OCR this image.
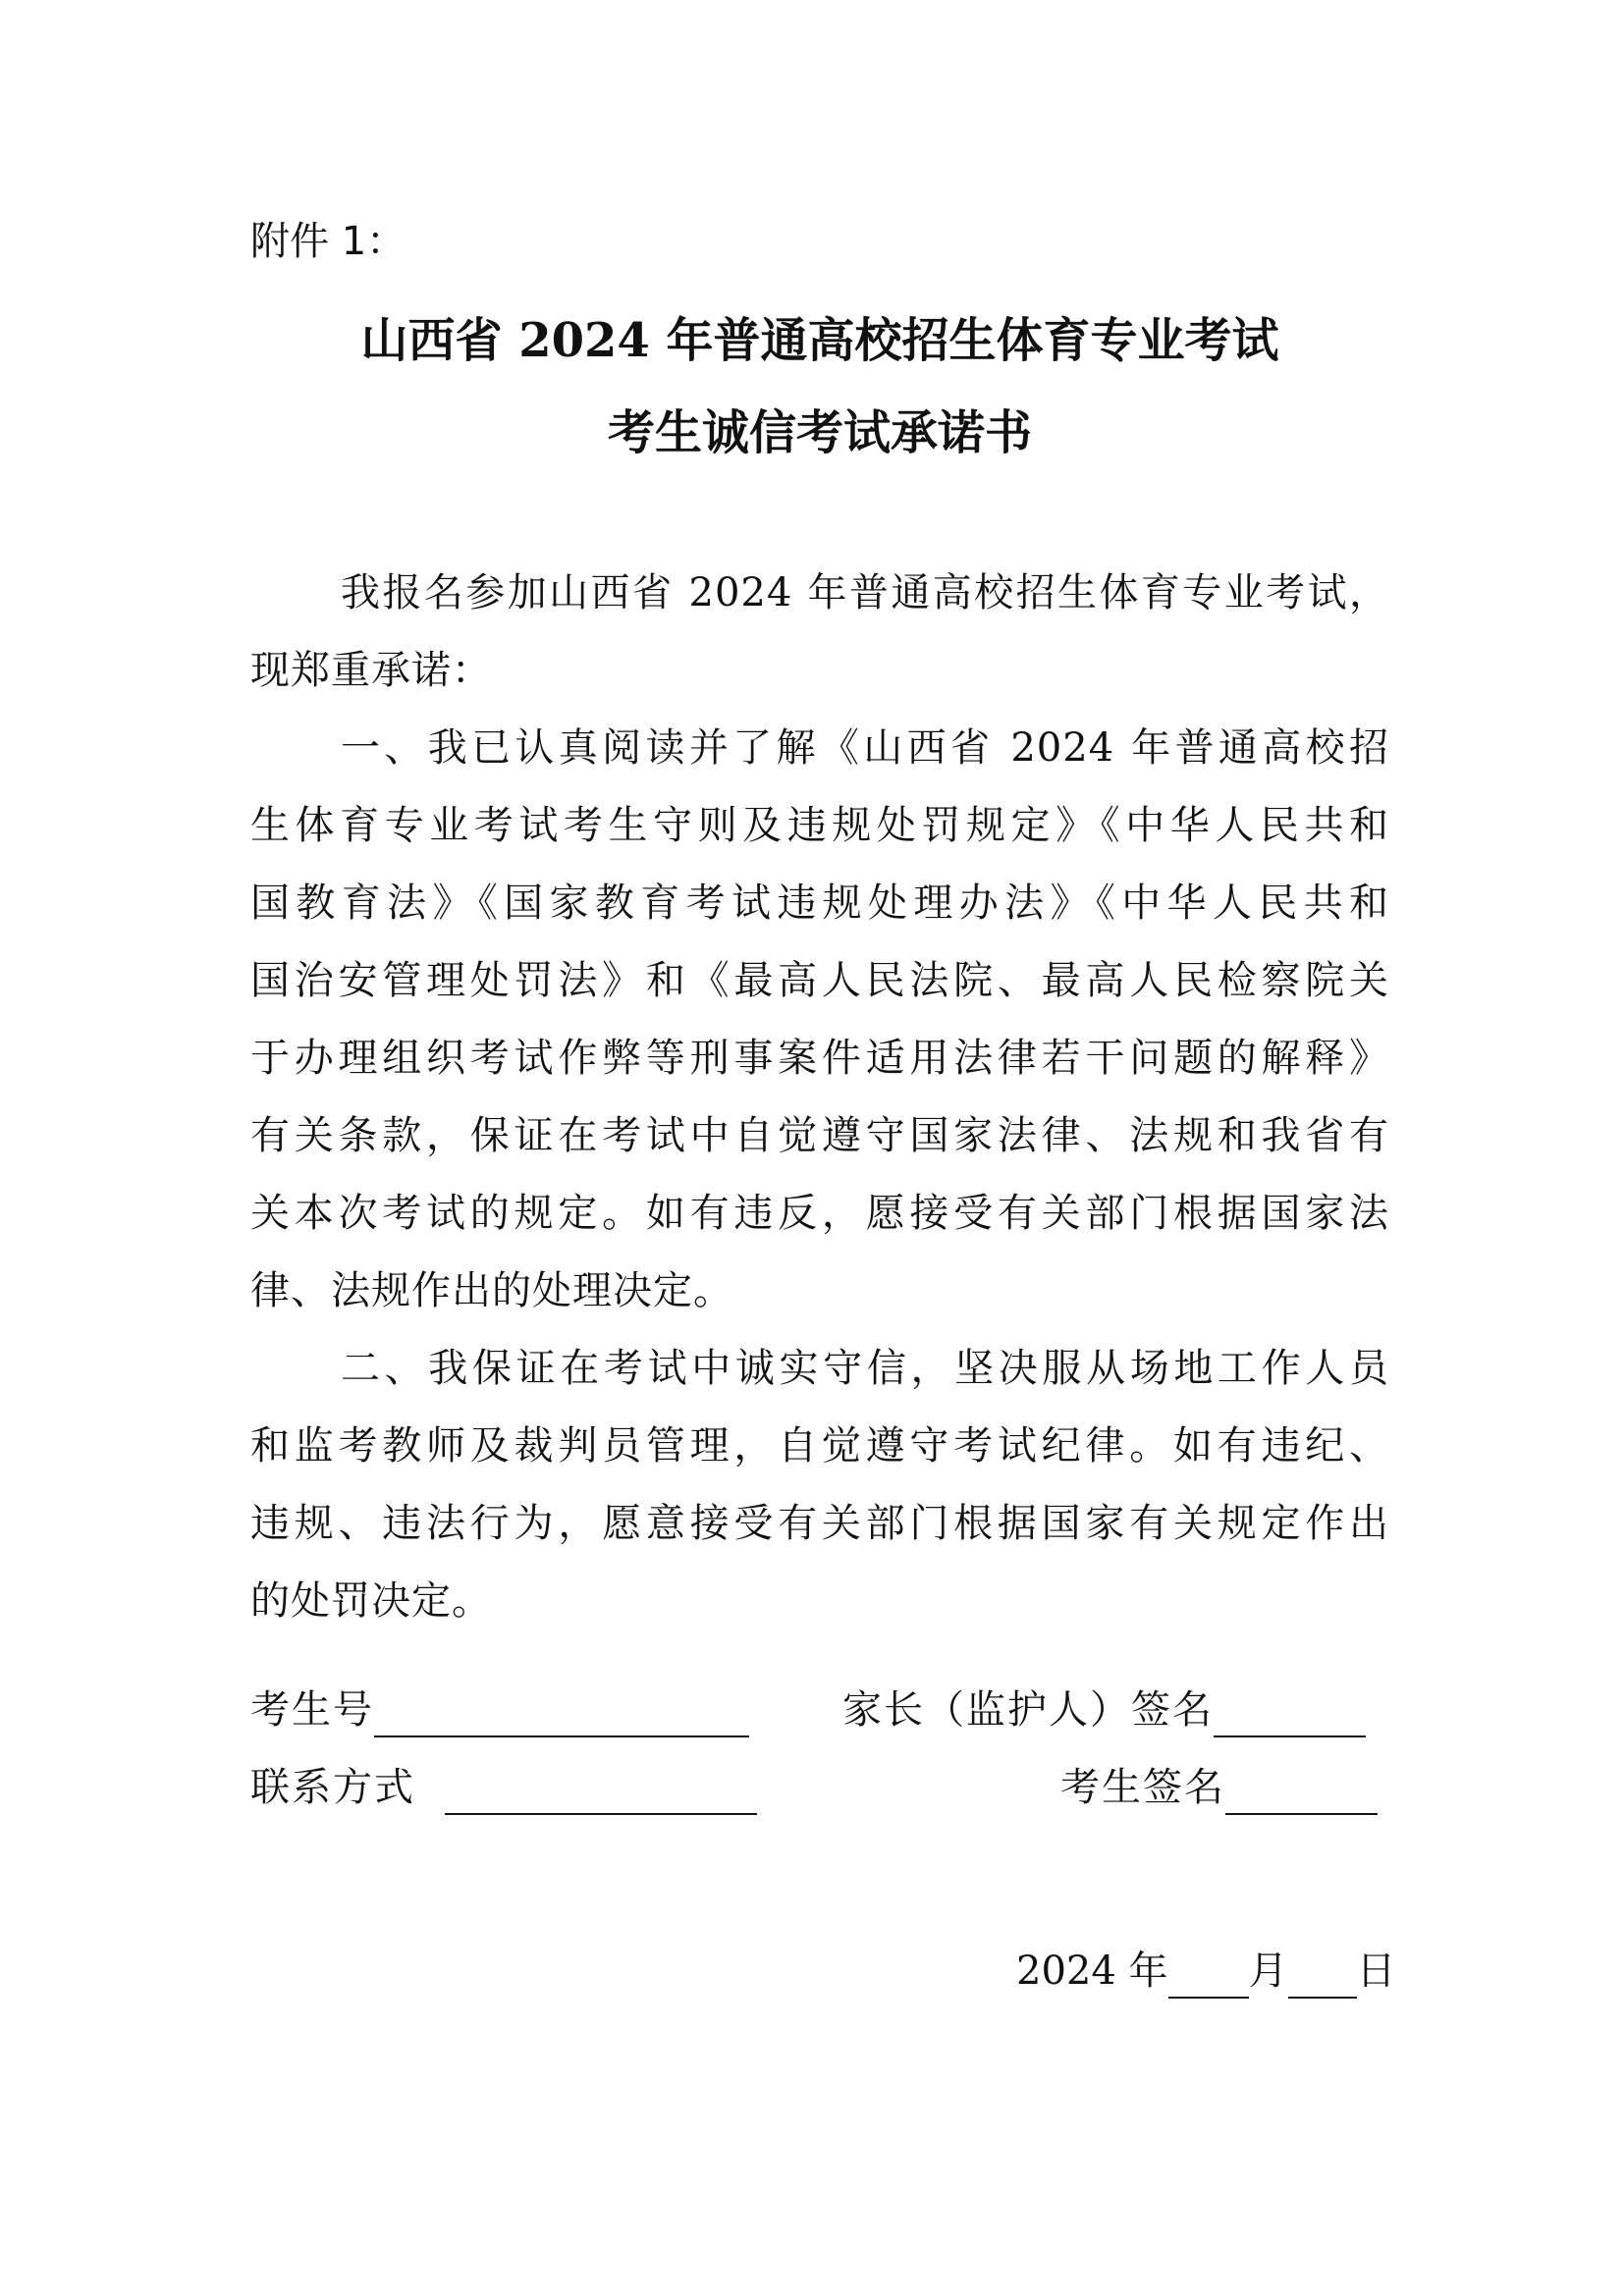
附件 1：
山西省 2024 年普通高校招生体育专业考试
考生诚信考试承诺书
我报名参加山西省 2024 年普通高校招生体育专业考试，
现郑重承诺：
一、我已认真阅读并了解《山西省 2024 年普通高校招
生体育专业考试考生守则及违规处罚规定》《中华人民共和
国教育法》《国家教育考试违规处理办法》《中华人民共和
国治安管理处罚法》和《最高人民法院、最高人民检察院关
于办理组织考试作弊等刑事案件适用法律若干问题的解释》
有关条款，保证在考试中自觉遵守国家法律、法规和我省有
关本次考试的规定。如有违反，愿接受有关部门根据国家法
律、法规作出的处理决定。
二、我保证在考试中诚实守信，坚决服从场地工作人员
和监考教师及裁判员管理，自觉遵守考试纪律。如有违纪、
违规、违法行为，愿意接受有关部门根据国家有关规定作出
的处罚决定。
考生号	家长（监护人）签名
联系方式	考生签名
2024 年 月 日
